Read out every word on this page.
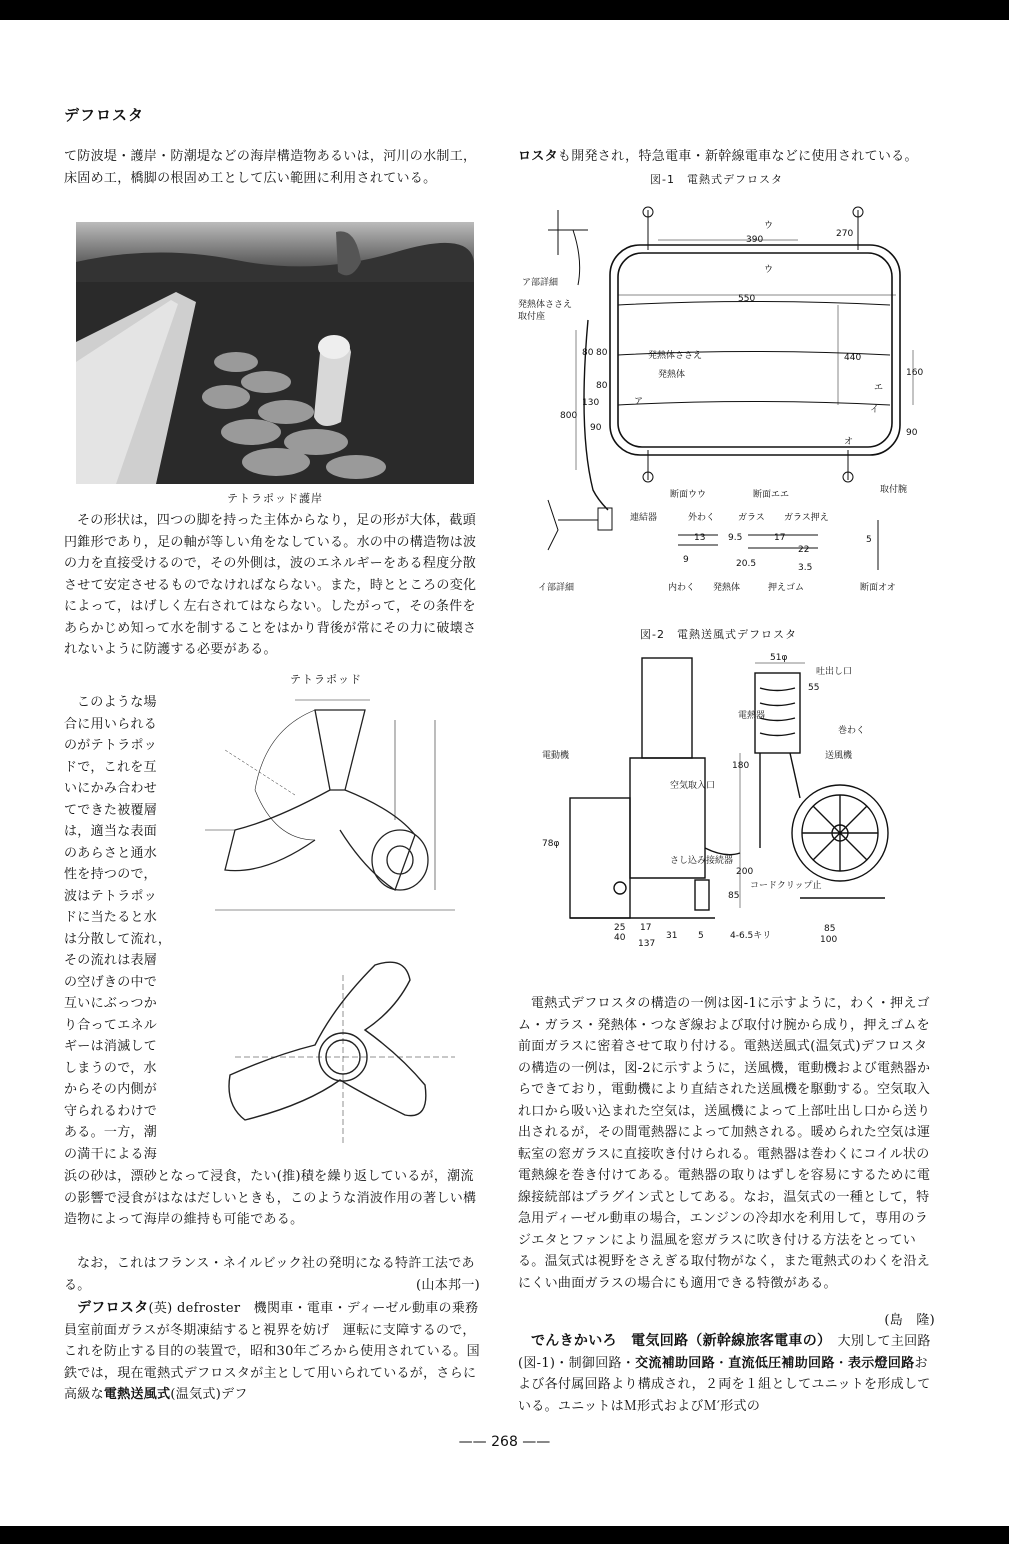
デフロスタ

て防波堤・護岸・防潮堤などの海岸構造物あるいは，河川の水制工，床固め工，橋脚の根固め工として広い範囲に利用されている。

テトラポッド護岸

その形状は，四つの脚を持った主体からなり，足の形が大体，截頭円錐形であり，足の軸が等しい角をなしている。水の中の構造物は波の力を直接受けるので，その外側は，波のエネルギーをある程度分散させて安定させるものでなければならない。また，時とところの変化によって，はげしく左右されてはならない。したがって，その条件をあらかじめ知って水を制することをはかり背後が常にその力に破壊されないように防護する必要がある。

テトラポッド
このような場
合に用いられる
のがテトラポッ
ドで，これを互
いにかみ合わせ
てできた被覆層
は，適当な表面
のあらさと通水
性を持つので，
波はテトラポッ
ドに当たると水
は分散して流れ，
その流れは表層
の空げきの中で
互いにぶっつか
り合ってエネル
ギーは消滅して
しまうので，水
からその内側が
守られるわけで
ある。一方，潮
の満干による海

浜の砂は，漂砂となって浸食，たい(推)積を繰り返しているが，潮流の影響で浸食がはなはだしいときも，このような消波作用の著しい構造物によって海岸の維持も可能である。

なお，これはフランス・ネイルビック社の発明になる特許工法である。	(山本邦一)

デフロスタ(英) defroster　機関車・電車・ディーゼル動車の乗務員室前面ガラスが冬期凍結すると視界を妨げ　運転に支障するので，これを防止する目的の装置で，昭和30年ごろから使用されている。国鉄では，現在電熱式デフロスタが主として用いられているが，さらに高級な電熱送風式(温気式)デフ

ロスタも開発され，特急電車・新幹線電車などに使用されている。

図-1　電熱式デフロスタ
ア部詳細
発熱体ささえ
取付座
390
ウ
ウ
270
550
発熱体ささえ
発熱体
440
ア
800
80 80
130
80
90
160
90
エ
イ
オ
断面ウウ	断面エエ	取付腕
連結器	外わく	ガラス ガラス押え
9
13	9.5
20.5
17
22
3.5
5
イ部詳細	内わく 発熱体	押えゴム	断面オオ
図-2　電熱送風式デフロスタ
51φ
吐出し口
55
電熱器
巻わく
送風機
電動機
180
空気取入口
78φ
さし込み接続器
200
コードクリップ止
85
25 17
40
137
31 5	4-6.5キリ
85
100

電熱式デフロスタの構造の一例は図-1に示すように，わく・押えゴム・ガラス・発熱体・つなぎ線および取付け腕から成り，押えゴムを前面ガラスに密着させて取り付ける。電熱送風式(温気式)デフロスタの構造の一例は，図-2に示すように，送風機，電動機および電熱器からできており，電動機により直結された送風機を駆動する。空気取入れ口から吸い込まれた空気は，送風機によって上部吐出し口から送り出されるが，その間電熱器によって加熱される。暖められた空気は運転室の窓ガラスに直接吹き付けられる。電熱器は巻わくにコイル状の電熱線を巻き付けてある。電熱器の取りはずしを容易にするために電線接続部はプラグイン式としてある。なお，温気式の一種として，特急用ディーゼル動車の場合，エンジンの冷却水を利用して，専用のラジエタとファンにより温風を窓ガラスに吹き付ける方法をとっている。温気式は視野をさえぎる取付物がなく，また電熱式のわくを沿えにくい曲面ガラスの場合にも適用できる特徴がある。

(島　隆)

でんきかいろ　電気回路（新幹線旅客電車の）　 大別して主回路(図-1)・制御回路・交流補助回路・直流低圧補助回路・表示燈回路および各付属回路より構成され，２両を１組としてユニットを形成している。ユニットはＭ形式およびＭ′形式の

—— 268 ——
